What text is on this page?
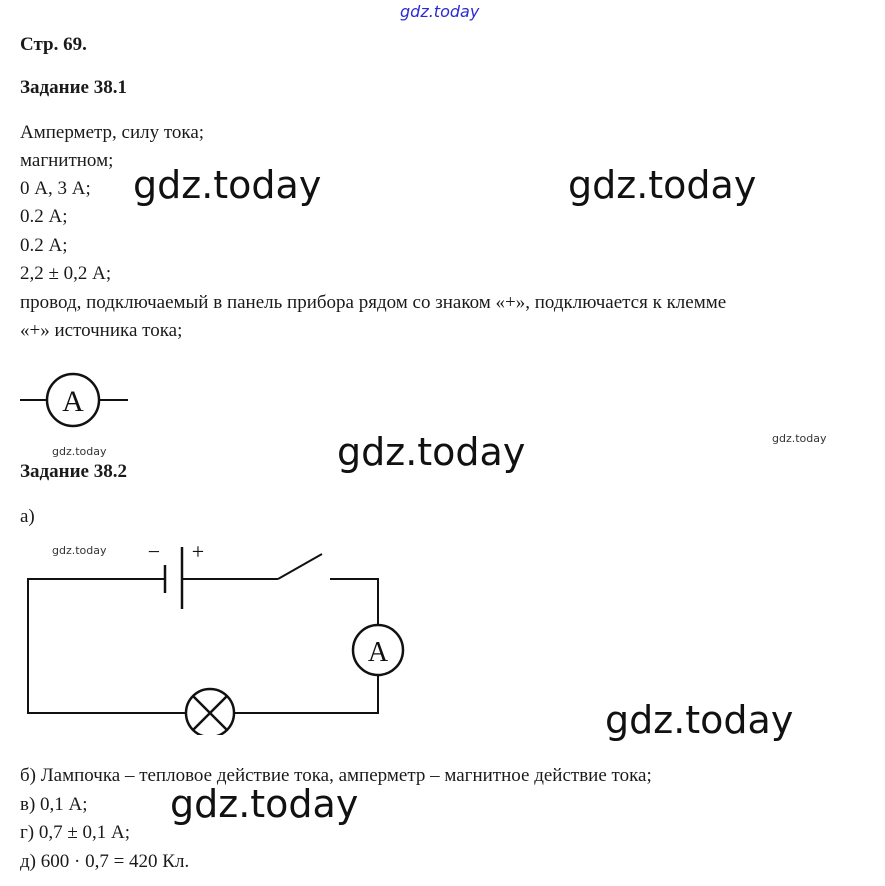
gdz.today
Стр. 69.
Задание 38.1
Амперметр, силу тока;
магнитном;
0 А, 3 А;
0.2 А;
0.2 А;
2,2 ± 0,2 А;
провод, подключаемый в панель прибора рядом со знаком «+», подключается к клемме
«+» источника тока;
A
Задание 38.2
а)
− +
A
б) Лампочка – тепловое действие тока, амперметр – магнитное действие тока;
в) 0,1 А;
г) 0,7 ± 0,1 А;
д) 600 · 0,7 = 420 Кл.
gdz.today	gdz.today
gdz.today
gdz.today
gdz.today
gdz.today
gdz.today
gdz.today
